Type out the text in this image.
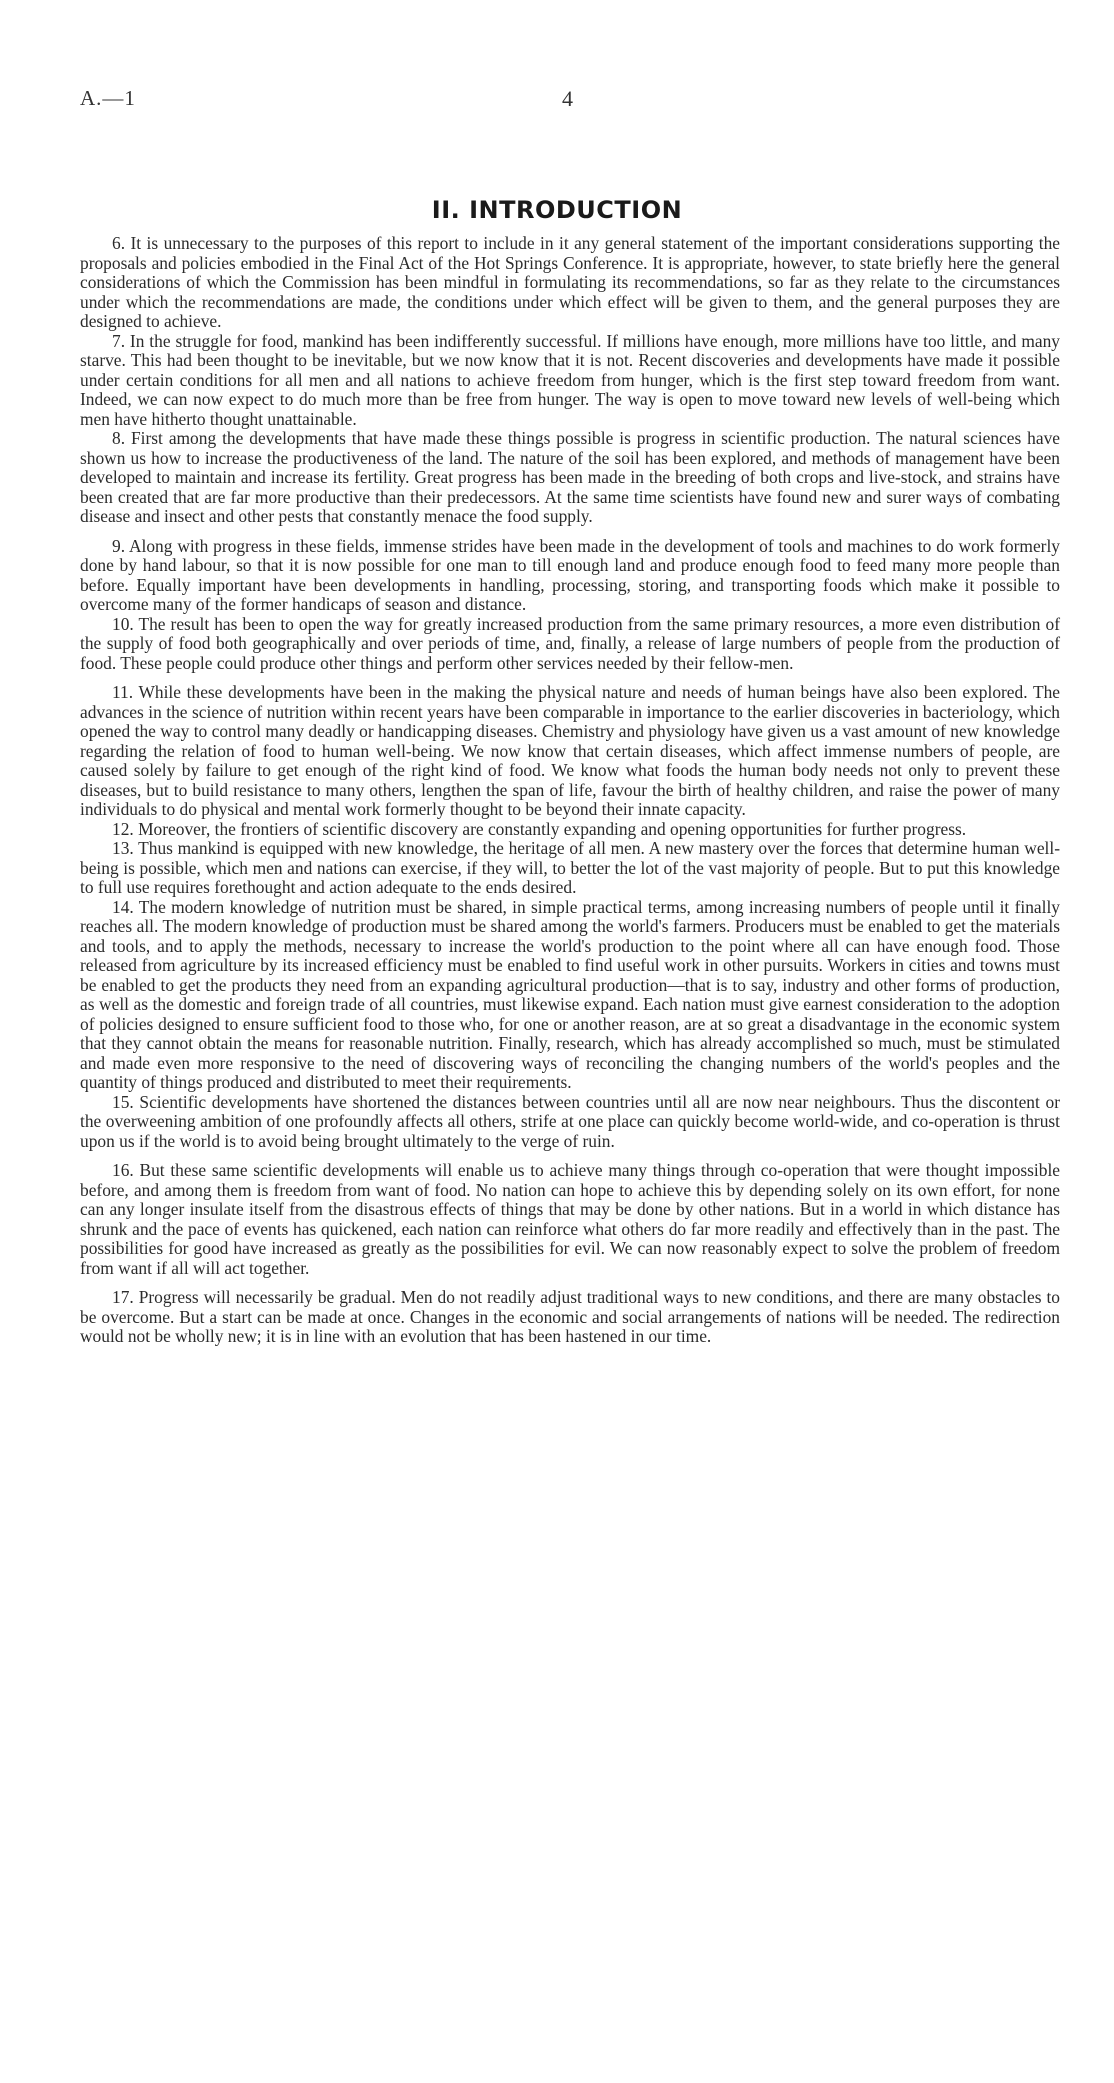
A.—1	4
II. INTRODUCTION

6. It is unnecessary to the purposes of this report to include in it any general statement of the important considerations supporting the proposals and policies embodied in the Final Act of the Hot Springs Conference. It is appropriate, however, to state briefly here the general considerations of which the Commission has been mindful in formulating its recommendations, so far as they relate to the circumstances under which the recommendations are made, the conditions under which effect will be given to them, and the general purposes they are designed to achieve.

7. In the struggle for food, mankind has been indifferently successful. If millions have enough, more millions have too little, and many starve. This had been thought to be inevitable, but we now know that it is not. Recent discoveries and developments have made it possible under certain conditions for all men and all nations to achieve freedom from hunger, which is the first step toward freedom from want. Indeed, we can now expect to do much more than be free from hunger. The way is open to move toward new levels of well-being which men have hitherto thought unattainable.

8. First among the developments that have made these things possible is progress in scientific production. The natural sciences have shown us how to increase the productiveness of the land. The nature of the soil has been explored, and methods of management have been developed to maintain and increase its fertility. Great progress has been made in the breeding of both crops and live-stock, and strains have been created that are far more productive than their predecessors. At the same time scientists have found new and surer ways of combating disease and insect and other pests that constantly menace the food supply.

9. Along with progress in these fields, immense strides have been made in the development of tools and machines to do work formerly done by hand labour, so that it is now possible for one man to till enough land and produce enough food to feed many more people than before. Equally important have been developments in handling, processing, storing, and transporting foods which make it possible to overcome many of the former handicaps of season and distance.

10. The result has been to open the way for greatly increased production from the same primary resources, a more even distribution of the supply of food both geographically and over periods of time, and, finally, a release of large numbers of people from the production of food. These people could produce other things and perform other services needed by their fellow-men.

11. While these developments have been in the making the physical nature and needs of human beings have also been explored. The advances in the science of nutrition within recent years have been comparable in importance to the earlier discoveries in bacteriology, which opened the way to control many deadly or handicapping diseases. Chemistry and physiology have given us a vast amount of new knowledge regarding the relation of food to human well-being. We now know that certain diseases, which affect immense numbers of people, are caused solely by failure to get enough of the right kind of food. We know what foods the human body needs not only to prevent these diseases, but to build resistance to many others, lengthen the span of life, favour the birth of healthy children, and raise the power of many individuals to do physical and mental work formerly thought to be beyond their innate capacity.

12. Moreover, the frontiers of scientific discovery are constantly expanding and opening opportunities for further progress.

13. Thus mankind is equipped with new knowledge, the heritage of all men. A new mastery over the forces that determine human well-being is possible, which men and nations can exercise, if they will, to better the lot of the vast majority of people. But to put this knowledge to full use requires forethought and action adequate to the ends desired.

14. The modern knowledge of nutrition must be shared, in simple practical terms, among increasing numbers of people until it finally reaches all. The modern knowledge of production must be shared among the world's farmers. Producers must be enabled to get the materials and tools, and to apply the methods, necessary to increase the world's production to the point where all can have enough food. Those released from agriculture by its increased efficiency must be enabled to find useful work in other pursuits. Workers in cities and towns must be enabled to get the products they need from an expanding agricultural production—that is to say, industry and other forms of production, as well as the domestic and foreign trade of all countries, must likewise expand. Each nation must give earnest consideration to the adoption of policies designed to ensure sufficient food to those who, for one or another reason, are at so great a disadvantage in the economic system that they cannot obtain the means for reasonable nutrition. Finally, research, which has already accomplished so much, must be stimulated and made even more responsive to the need of discovering ways of reconciling the changing numbers of the world's peoples and the quantity of things produced and distributed to meet their requirements.

15. Scientific developments have shortened the distances between countries until all are now near neighbours. Thus the discontent or the overweening ambition of one profoundly affects all others, strife at one place can quickly become world-wide, and co-operation is thrust upon us if the world is to avoid being brought ultimately to the verge of ruin.

16. But these same scientific developments will enable us to achieve many things through co-operation that were thought impossible before, and among them is freedom from want of food. No nation can hope to achieve this by depending solely on its own effort, for none can any longer insulate itself from the disastrous effects of things that may be done by other nations. But in a world in which distance has shrunk and the pace of events has quickened, each nation can reinforce what others do far more readily and effectively than in the past. The possibilities for good have increased as greatly as the possibilities for evil. We can now reasonably expect to solve the problem of freedom from want if all will act together.

17. Progress will necessarily be gradual. Men do not readily adjust traditional ways to new conditions, and there are many obstacles to be overcome. But a start can be made at once. Changes in the economic and social arrangements of nations will be needed. The redirection would not be wholly new; it is in line with an evolution that has been hastened in our time.
